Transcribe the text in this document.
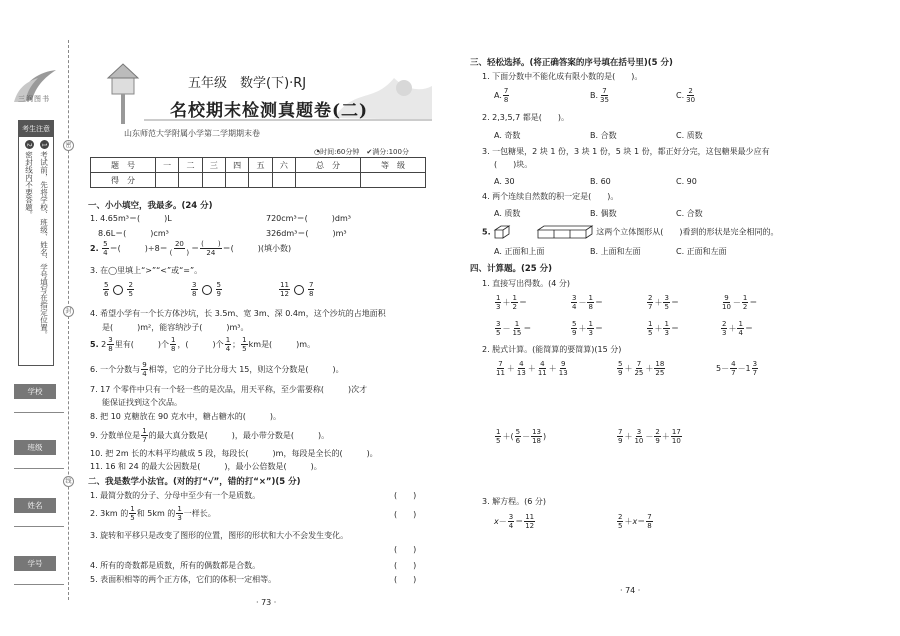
三润图书
考生注意
1考试前，先将学校、班级、姓名、学号填写在指定位置。
2密封线内不要答题。
密
封
线
学校
班级
姓名
学号
五年级　数学(下)·RJ
名校期末检测真题卷(二)
山东师范大学附属小学第二学期期末卷
◔时间:60分钟　 ✔满分:100分
题　号	一	二	三	四	五	六	总　分	等　级
得　分								
一、小小填空，我最多。(24 分)
1. 4.65m³＝(　　　)L	720cm³＝(　　　)dm³
8.6L＝(　　　)cm³	326dm³＝(　　　)m³
2. $\frac{5}{4}$ ＝(　　　)÷8＝ 20
(　　) ＝ (　　)
24 ＝(　　　)(填小数)
3. 在◯里填上“>”“<”或“=”。
$\frac{5}{6}$	$\frac{2}{5}$
	$\frac{3}{8}$	$\frac{5}{9}$
	$\frac{11}{12}$	$\frac{7}{8}$
4. 希望小学有一个长方体沙坑，长 3.5m、宽 3m、深 0.4m，这个沙坑的占地面积
是(　　　)m²，能容纳沙子(　　　)m³。
5. $2 \frac{3}{8}$ 里有(　　　)个 $\frac{1}{8}$ ，(　　　)个 $\frac{1}{4}$ ； $\frac{1}{5}$ km是(　　　)m。
6. 一个分数与 $\frac{9}{4}$ 相等，它的分子比分母大 15，则这个分数是(　　　)。
7. 17 个零件中只有一个轻一些的是次品，用天平称，至少需要称(　　　)次才
能保证找到这个次品。
8. 把 10 克糖放在 90 克水中，糖占糖水的(　　　)。
9. 分数单位是 $\frac{1}{7}$ 的最大真分数是(　　　)，最小带分数是(　　　)。
10. 把 2m 长的木料平均截成 5 段，每段长(　　　)m，每段是全长的(　　　)。
11. 16 和 24 的最大公因数是(　　　)，最小公倍数是(　　　)。
二、我是数学小法官。(对的打“√”，错的打“×”)(5 分)
1. 最简分数的分子、分母中至少有一个是质数。	(　　)
2. 3km 的 $\frac{1}{5}$ 和 5km 的 $\frac{1}{3}$ 一样长。	(　　)
3. 旋转和平移只是改变了图形的位置，图形的形状和大小不会发生变化。
(　　)
4. 所有的奇数都是质数，所有的偶数都是合数。	(　　)
5. 表面积相等的两个正方体，它们的体积一定相等。	(　　)
· 73 ·
三、轻松选择。(将正确答案的序号填在括号里)(5 分)
1. 下面分数中不能化成有限小数的是(　　)。
A. $\frac{7}{8}$	B. $\frac{7}{35}$	C. $\frac{2}{30}$
2. 2,3,5,7 都是(　　)。
A. 奇数	B. 合数	C. 质数
3. 一包糖果，2 块 1 份，3 块 1 份，5 块 1 份，都正好分完，这包糖果最少应有
(　　)块。
A. 30	B. 60	C. 90
4. 两个连续自然数的积一定是(　　)。
A. 质数	B. 偶数	C. 合数
5.	这两个立体图形从(　　)看到的形状是完全相同的。
A. 正面和上面	B. 上面和左面	C. 正面和左面
四、计算题。(25 分)
1. 直接写出得数。(4 分)
$\frac{1}{3} + \frac{1}{2}$ ＝	$\frac{3}{4} - \frac{1}{8}$ ＝	$\frac{2}{7} + \frac{3}{5}$ ＝	$\frac{9}{10} - \frac{1}{2}$ ＝
$\frac{3}{5} - \frac{1}{15}$ ＝	$\frac{5}{9} + \frac{1}{3}$ ＝	$\frac{1}{5} + \frac{1}{3}$ ＝	$\frac{2}{3} + \frac{1}{4}$ ＝
2. 脱式计算。(能简算的要简算)(15 分)
$\frac{7}{11} + \frac{4}{13} + \frac{4}{11} + \frac{9}{13}$	$\frac{5}{9} + \frac{7}{25} + \frac{18}{25}$	$5- \frac{4}{7} -1 \frac{3}{7}$
$\frac{1}{5}$ ＋( $\frac{5}{6} - \frac{13}{18}$ )	$\frac{7}{9} + \frac{3}{10} - \frac{2}{9} + \frac{17}{10}$
3. 解方程。(6 分)
$x- \frac{3}{4} = \frac{11}{12}$	$\frac{2}{5} +x= \frac{7}{8}$
· 74 ·
